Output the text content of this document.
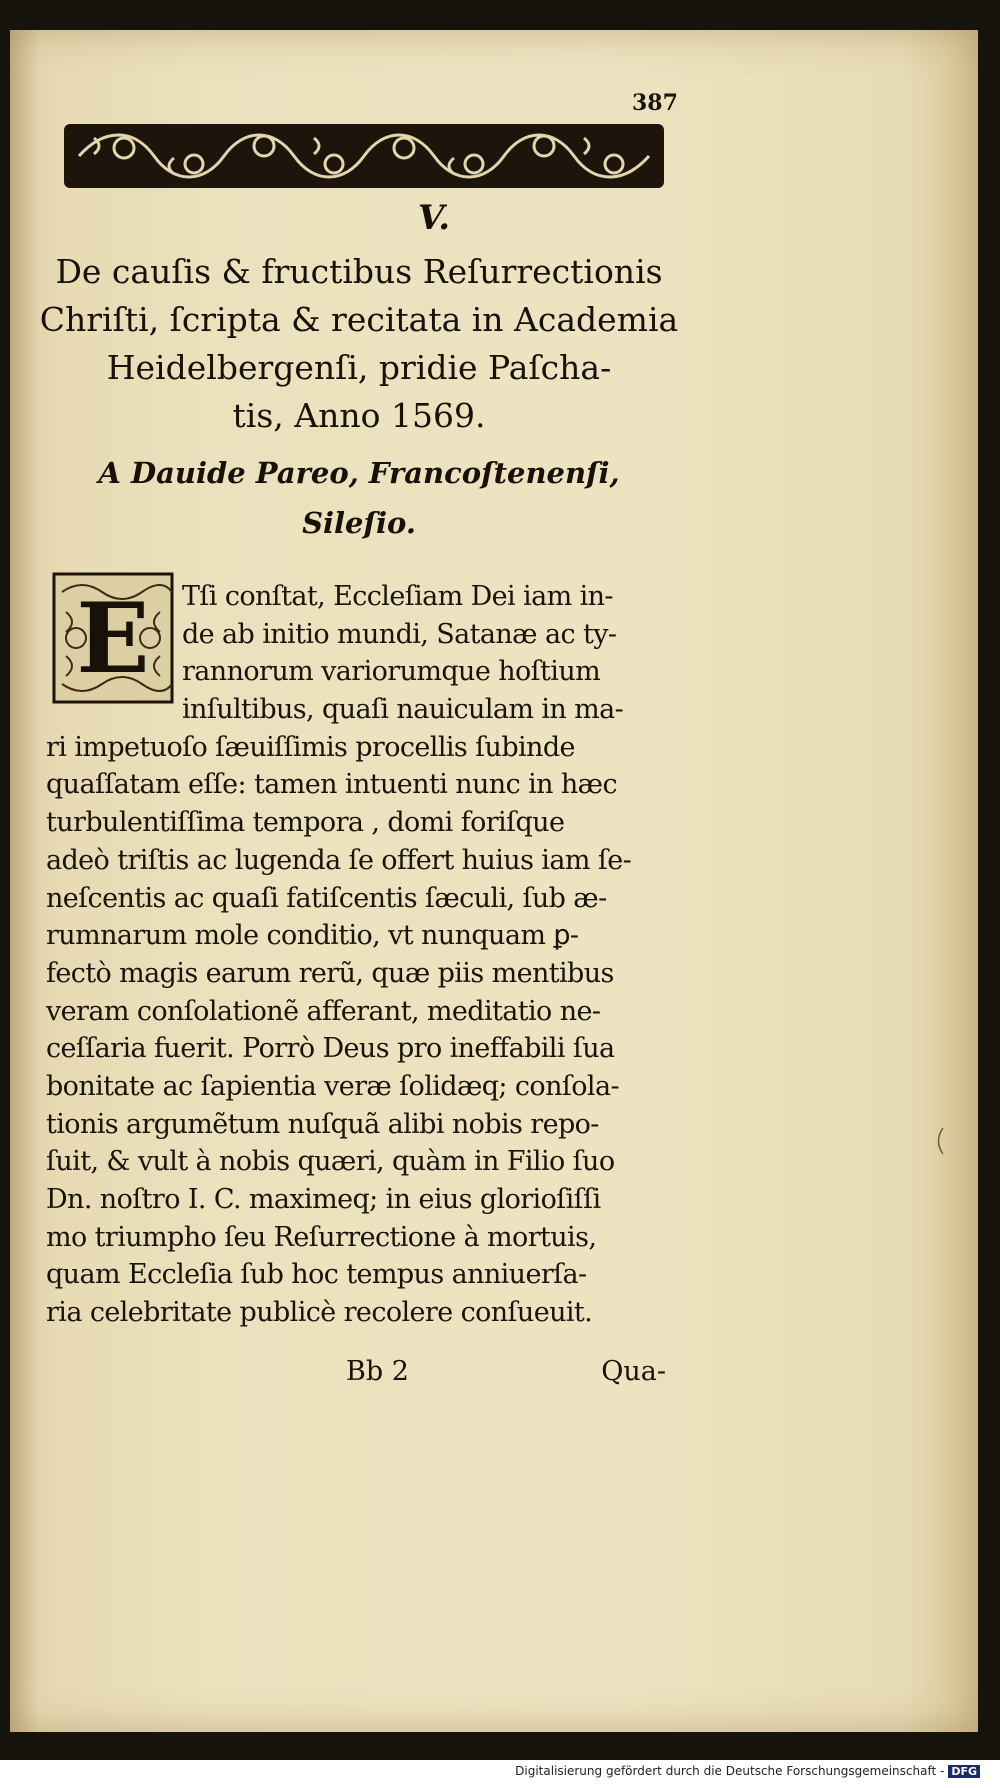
387
V.
De cauſis & fructibus Reſurrectionis
Chriſti, ſcripta & recitata in Academia
Heidelbergenſi, pridie Paſcha-
tis, Anno 1569.
A Dauide Pareo, Francoſtenenſi,
Sileſio.
E	Tſi conſtat, Eccleſiam Dei iam in-
de ab initio mundi, Satanæ ac ty-
rannorum variorumque hoſtium
inſultibus, quaſi nauiculam in ma-
ri impetuoſo ſæuiſſimis procellis ſubinde
quaſſatam eſſe: tamen intuenti nunc in hæc
turbulentiſſima tempora , domi foriſque
adeò triſtis ac lugenda ſe offert huius iam ſe-
neſcentis ac quaſi fatiſcentis ſæculi, ſub æ-
rumnarum mole conditio, vt nunquam ꝑ-
fectò magis earum rerũ, quæ piis mentibus
veram conſolationẽ afferant, meditatio ne-
ceſſaria fuerit. Porrò Deus pro ineffabili ſua
bonitate ac ſapientia veræ ſolidæq; conſola-
tionis argumẽtum nuſquã alibi nobis repo-
ſuit, & vult à nobis quæri, quàm in Filio ſuo
Dn. noſtro I. C. maximeq; in eius glorioſiſſi
mo triumpho ſeu Reſurrectione à mortuis,
quam Eccleſia ſub hoc tempus anniuerſa-
ria celebritate publicè recolere conſueuit.
Bb 2	Qua-
Digitalisierung gefördert durch die Deutsche Forschungsgemeinschaft - DFG
